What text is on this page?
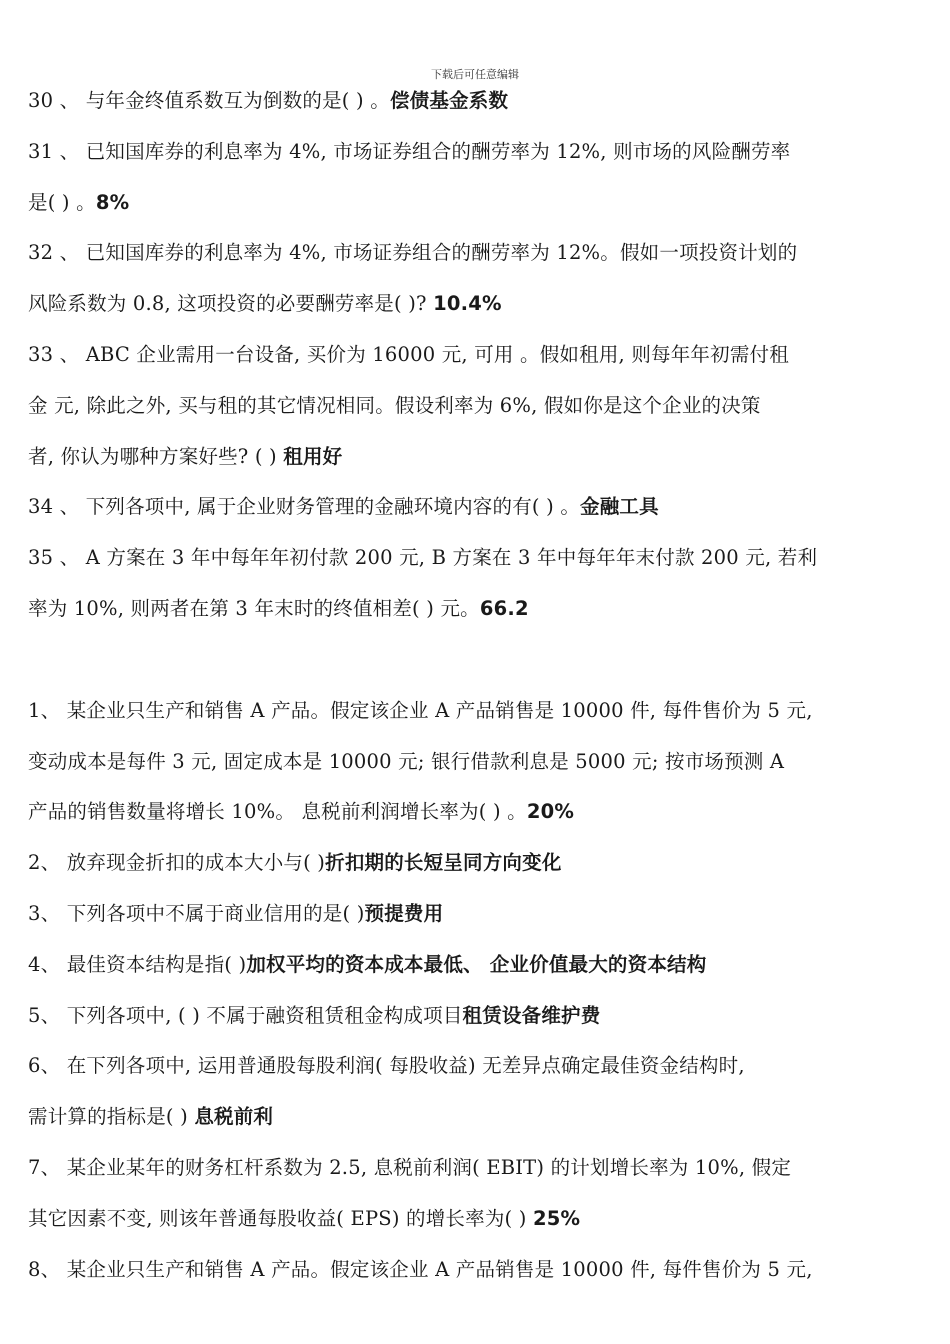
下载后可任意编辑
30 、 与年金终值系数互为倒数的是( ) 。偿债基金系数
31 、 已知国库券的利息率为 4%, 市场证券组合的酬劳率为 12%, 则市场的风险酬劳率
是( ) 。8%
32 、 已知国库券的利息率为 4%, 市场证券组合的酬劳率为 12%。假如一项投资计划的
风险系数为 0.8, 这项投资的必要酬劳率是( )? 10.4%
33 、 ABC 企业需用一台设备, 买价为 16000 元, 可用 。假如租用, 则每年年初需付租
金 元, 除此之外, 买与租的其它情况相同。假设利率为 6%, 假如你是这个企业的决策
者, 你认为哪种方案好些? ( ) 租用好
34 、 下列各项中, 属于企业财务管理的金融环境内容的有( ) 。金融工具
35 、 A 方案在 3 年中每年年初付款 200 元, B 方案在 3 年中每年年末付款 200 元, 若利
率为 10%, 则两者在第 3 年末时的终值相差( ) 元。66.2
1、 某企业只生产和销售 A 产品。假定该企业 A 产品销售是 10000 件, 每件售价为 5 元,
变动成本是每件 3 元, 固定成本是 10000 元; 银行借款利息是 5000 元; 按市场预测 A
产品的销售数量将增长 10%。 息税前利润增长率为( ) 。20%
2、 放弃现金折扣的成本大小与( )折扣期的长短呈同方向变化
3、 下列各项中不属于商业信用的是( )预提费用
4、 最佳资本结构是指( )加权平均的资本成本最低、 企业价值最大的资本结构
5、 下列各项中, ( ) 不属于融资租赁租金构成项目租赁设备维护费
6、 在下列各项中, 运用普通股每股利润( 每股收益) 无差异点确定最佳资金结构时,
需计算的指标是( ) 息税前利
7、 某企业某年的财务杠杆系数为 2.5, 息税前利润( EBIT) 的计划增长率为 10%, 假定
其它因素不变, 则该年普通每股收益( EPS) 的增长率为( ) 25%
8、 某企业只生产和销售 A 产品。假定该企业 A 产品销售是 10000 件, 每件售价为 5 元,
